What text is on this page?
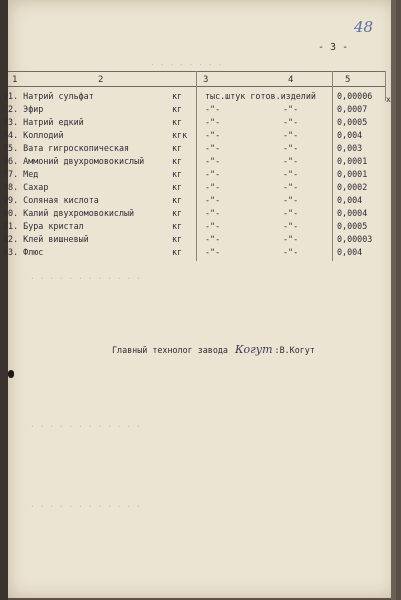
48
- 3 -
. . . . . . . .
. . . . . . . . . . . .
. . . . . . . . . . . .
. . . . . . . . . . . .
x
1	2	3	4	5
71. Натрий сульфат	кг	тыс.штук готов.изделий	0,00006
72. Эфир	кг	-"-	-"-	0,0007
73. Натрий едкий	кг	-"-	-"-	0,0005
74. Коллодий	кгк -"-	-"-	0,004
75. Вата гигроскопическая	кг	-"-	-"-	0,003
76. Аммоний двухромовокислый	кг	-"-	-"-	0,0001
77. Мед	кг	-"-	-"-	0,0001
78. Сахар	кг	-"-	-"-	0,0002
79. Соляная кислота	кг	-"-	-"-	0,004
80. Калий двухромовокислый	кг	-"-	-"-	0,0004
81. Бура кристал	кг	-"-	-"-	0,0005
82. Клей вишневый	кг	-"-	-"-	0,00003
83. Флюс	кг	-"-	-"-	0,004
Главный технолог завода Когут :В.Когут
